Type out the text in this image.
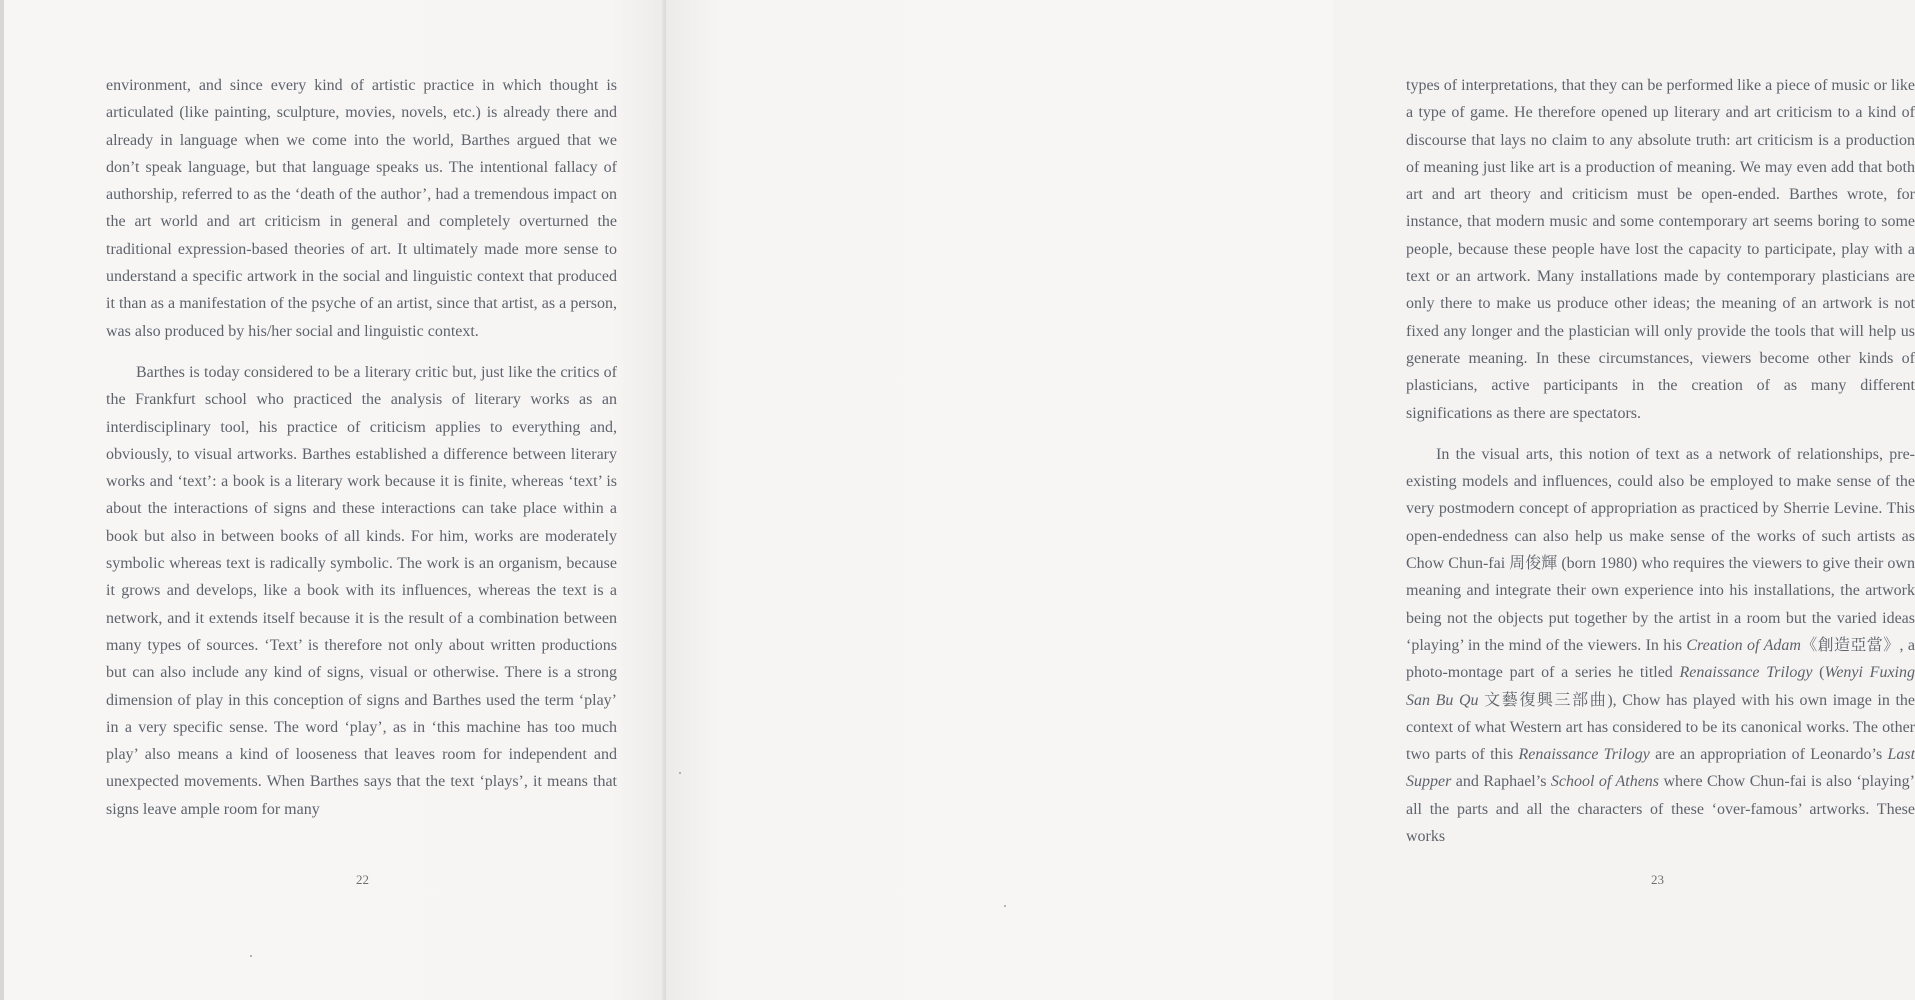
environment, and since every kind of artistic practice in which thought is articulated (like painting, sculpture, movies, novels, etc.) is already there and already in language when we come into the world, Barthes argued that we don’t speak language, but that language speaks us. The intentional fallacy of authorship, referred to as the ‘death of the author’, had a tremendous impact on the art world and art criticism in general and completely overturned the traditional expression-based theories of art. It ultimately made more sense to understand a specific artwork in the social and linguistic context that produced it than as a manifestation of the psyche of an artist, since that artist, as a person, was also produced by his/her social and linguistic context.

Barthes is today considered to be a literary critic but, just like the critics of the Frankfurt school who practiced the analysis of literary works as an interdisciplinary tool, his practice of criticism applies to everything and, obviously, to visual artworks. Barthes established a difference between literary works and ‘text’: a book is a literary work because it is finite, whereas ‘text’ is about the interactions of signs and these interactions can take place within a book but also in between books of all kinds. For him, works are moderately symbolic whereas text is radically symbolic. The work is an organism, because it grows and develops, like a book with its influences, whereas the text is a network, and it extends itself because it is the result of a combination between many types of sources. ‘Text’ is therefore not only about written productions but can also include any kind of signs, visual or otherwise. There is a strong dimension of play in this conception of signs and Barthes used the term ‘play’ in a very specific sense. The word ‘play’, as in ‘this machine has too much play’ also means a kind of looseness that leaves room for independent and unexpected movements. When Barthes says that the text ‘plays’, it means that signs leave ample room for many

22

types of interpretations, that they can be performed like a piece of music or like a type of game. He therefore opened up literary and art criticism to a kind of discourse that lays no claim to any absolute truth: art criticism is a production of meaning just like art is a production of meaning. We may even add that both art and art theory and criticism must be open-ended. Barthes wrote, for instance, that modern music and some contemporary art seems boring to some people, because these people have lost the capacity to participate, play with a text or an artwork. Many installations made by contemporary plasticians are only there to make us produce other ideas; the meaning of an artwork is not fixed any longer and the plastician will only provide the tools that will help us generate meaning. In these circumstances, viewers become other kinds of plasticians, active participants in the creation of as many different significations as there are spectators.

In the visual arts, this notion of text as a network of relationships, pre-existing models and influences, could also be employed to make sense of the very postmodern concept of appropriation as practiced by Sherrie Levine. This open-endedness can also help us make sense of the works of such artists as Chow Chun-fai 周俊輝 (born 1980) who requires the viewers to give their own meaning and integrate their own experience into his installations, the artwork being not the objects put together by the artist in a room but the varied ideas ‘playing’ in the mind of the viewers. In his Creation of Adam《創造亞當》, a photo-montage part of a series he titled Renaissance Trilogy (Wenyi Fuxing San Bu Qu 文藝復興三部曲), Chow has played with his own image in the context of what Western art has considered to be its canonical works. The other two parts of this Renaissance Trilogy are an appropriation of Leonardo’s Last Supper and Raphael’s School of Athens where Chow Chun-fai is also ‘playing’ all the parts and all the characters of these ‘over-famous’ artworks. These works

23
